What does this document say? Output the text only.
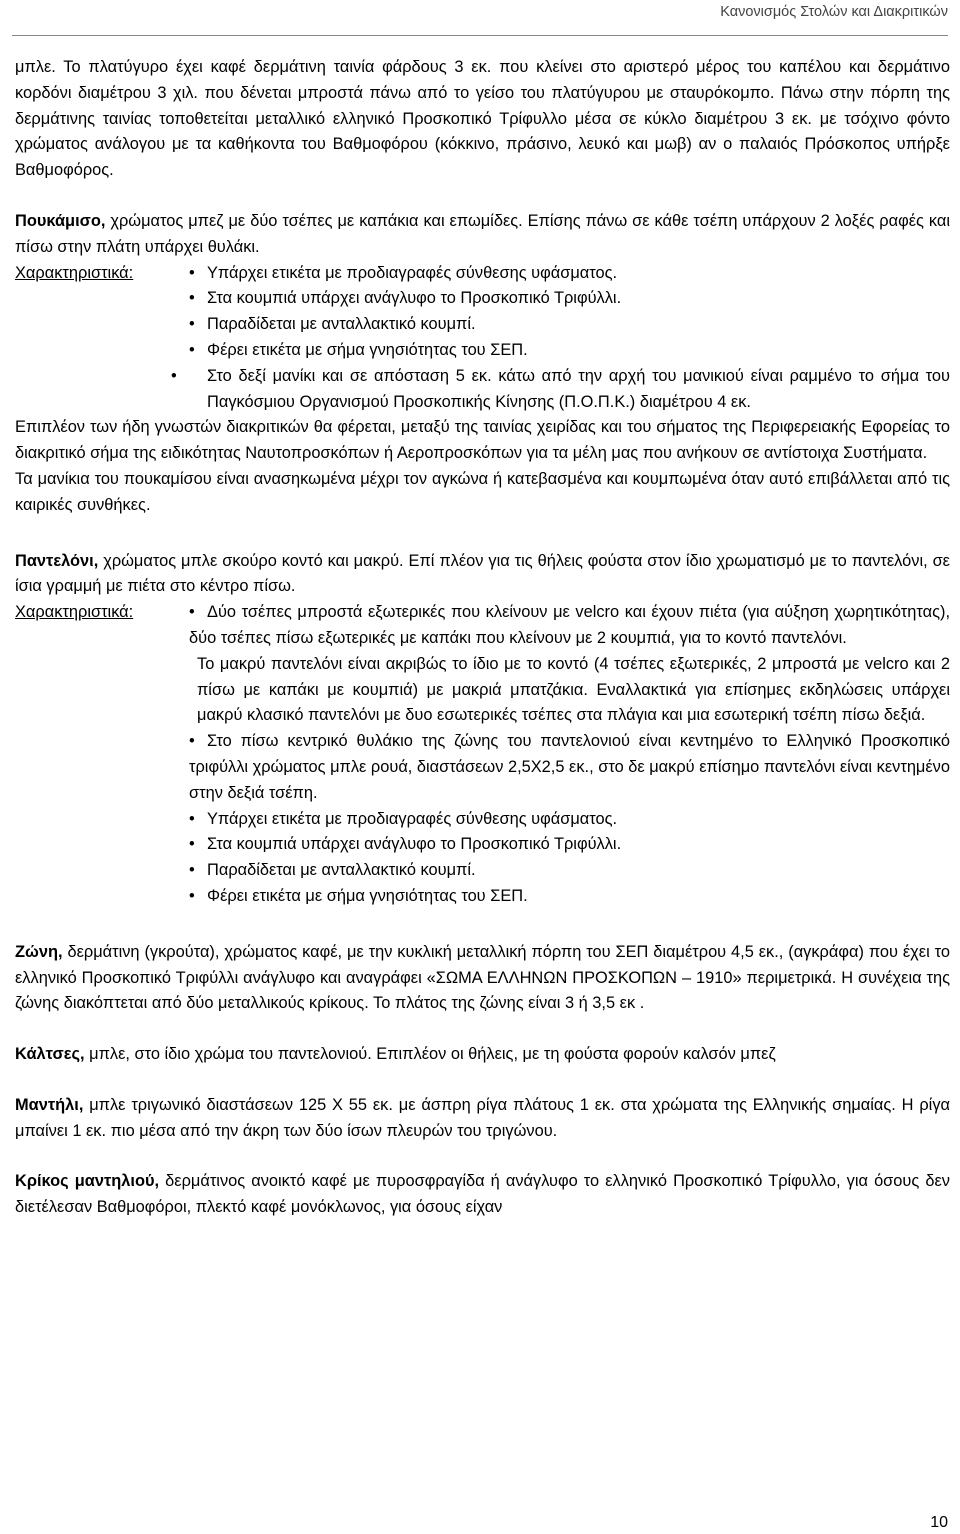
Κανονισμός Στολών και Διακριτικών

μπλε. Το πλατύγυρο έχει καφέ δερμάτινη ταινία φάρδους 3 εκ. που κλείνει στο αριστερό μέρος του καπέλου και δερμάτινο κορδόνι διαμέτρου 3 χιλ. που δένεται μπροστά πάνω από το γείσο του πλατύγυρου με σταυρόκομπο. Πάνω στην πόρπη της δερμάτινης ταινίας τοποθετείται μεταλλικό ελληνικό Προσκοπικό Τρίφυλλο μέσα σε κύκλο διαμέτρου 3 εκ. με τσόχινο φόντο χρώματος ανάλογου με τα καθήκοντα του Βαθμοφόρου (κόκκινο, πράσινο, λευκό και μωβ) αν ο παλαιός Πρόσκοπος υπήρξε Βαθμοφόρος.

Πουκάμισο, χρώματος μπεζ με δύο τσέπες με καπάκια και επωμίδες. Επίσης πάνω σε κάθε τσέπη υπάρχουν 2 λοξές ραφές και πίσω στην πλάτη υπάρχει θυλάκι.

Χαρακτηριστικά:	• Υπάρχει ετικέτα με προδιαγραφές σύνθεσης υφάσματος.
• Στα κουμπιά υπάρχει ανάγλυφο το Προσκοπικό Τριφύλλι.
• Παραδίδεται με ανταλλακτικό κουμπί.
• Φέρει ετικέτα με σήμα γνησιότητας του ΣΕΠ.
• Στο δεξί μανίκι και σε απόσταση 5 εκ. κάτω από την αρχή του μανικιού είναι ραμμένο το σήμα του Παγκόσμιου Οργανισμού Προσκοπικής Κίνησης (Π.Ο.Π.Κ.) διαμέτρου 4 εκ.

Επιπλέον των ήδη γνωστών διακριτικών θα φέρεται, μεταξύ της ταινίας χειρίδας και του σήματος της Περιφερειακής Εφορείας το διακριτικό σήμα της ειδικότητας Ναυτοπροσκόπων ή Αεροπροσκόπων για τα μέλη μας που ανήκουν σε αντίστοιχα Συστήματα.

Τα μανίκια του πουκαμίσου είναι ανασηκωμένα μέχρι τον αγκώνα ή κατεβασμένα και κουμπωμένα όταν αυτό επιβάλλεται από τις καιρικές συνθήκες.

Παντελόνι, χρώματος μπλε σκούρο κοντό και μακρύ. Επί πλέον για τις θήλεις φούστα στον ίδιο χρωματισμό με το παντελόνι, σε ίσια γραμμή με πιέτα στο κέντρο πίσω.

Χαρακτηριστικά:	• Δύο τσέπες μπροστά εξωτερικές που κλείνουν με velcro και έχουν πιέτα (για αύξηση χωρητικότητας), δύο τσέπες πίσω εξωτερικές με καπάκι που κλείνουν με 2 κουμπιά, για το κοντό παντελόνι.
Το μακρύ παντελόνι είναι ακριβώς το ίδιο με το κοντό (4 τσέπες εξωτερικές, 2 μπροστά με velcro και 2 πίσω με καπάκι με κουμπιά) με μακριά μπατζάκια. Εναλλακτικά για επίσημες εκδηλώσεις υπάρχει μακρύ κλασικό παντελόνι με δυο εσωτερικές τσέπες στα πλάγια και μια εσωτερική τσέπη πίσω δεξιά.
• Στο πίσω κεντρικό θυλάκιο της ζώνης του παντελονιού είναι κεντημένο το Ελληνικό Προσκοπικό τριφύλλι χρώματος μπλε ρουά, διαστάσεων 2,5Χ2,5 εκ., στο δε μακρύ επίσημο παντελόνι είναι κεντημένο στην δεξιά τσέπη.
• Υπάρχει ετικέτα με προδιαγραφές σύνθεσης υφάσματος.
• Στα κουμπιά υπάρχει ανάγλυφο το Προσκοπικό Τριφύλλι.
• Παραδίδεται με ανταλλακτικό κουμπί.
• Φέρει ετικέτα με σήμα γνησιότητας του ΣΕΠ.

Ζώνη, δερμάτινη (γκρούτα), χρώματος καφέ, με την κυκλική μεταλλική πόρπη του ΣΕΠ διαμέτρου 4,5 εκ., (αγκράφα) που έχει το ελληνικό Προσκοπικό Τριφύλλι ανάγλυφο και αναγράφει «ΣΩΜΑ ΕΛΛΗΝΩΝ ΠΡΟΣΚΟΠΩΝ – 1910» περιμετρικά. Η συνέχεια της ζώνης διακόπτεται από δύο μεταλλικούς κρίκους. Το πλάτος της ζώνης είναι 3 ή 3,5 εκ .

Κάλτσες, μπλε, στο ίδιο χρώμα του παντελονιού. Επιπλέον οι θήλεις, με τη φούστα φορούν καλσόν μπεζ

Μαντήλι, μπλε τριγωνικό διαστάσεων 125 Χ 55 εκ. με άσπρη ρίγα πλάτους 1 εκ. στα χρώματα της Ελληνικής σημαίας. Η ρίγα μπαίνει 1 εκ. πιο μέσα από την άκρη των δύο ίσων πλευρών του τριγώνου.

Κρίκος μαντηλιού, δερμάτινος ανοικτό καφέ με πυροσφραγίδα ή ανάγλυφο το ελληνικό Προσκοπικό Τρίφυλλο, για όσους δεν διετέλεσαν Βαθμοφόροι, πλεκτό καφέ μονόκλωνος, για όσους είχαν

10
